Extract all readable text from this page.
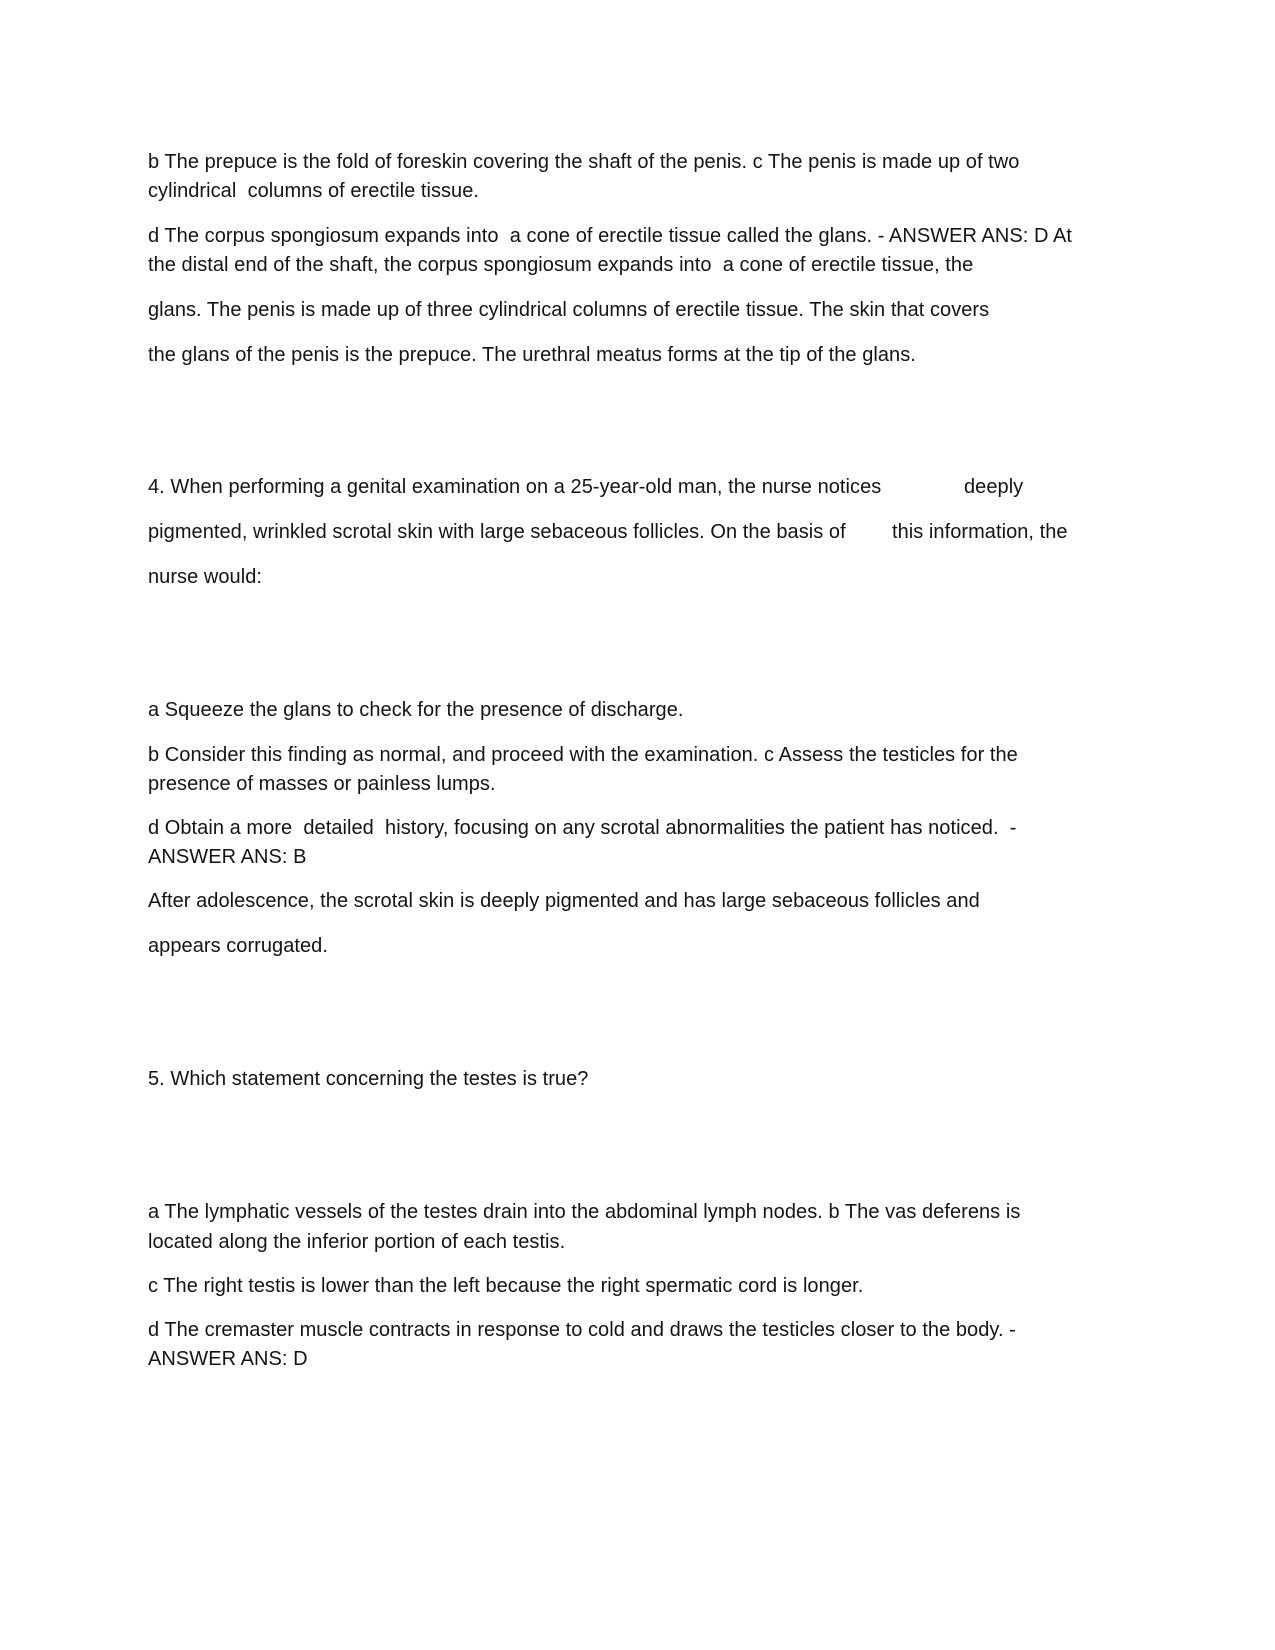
b The prepuce is the fold of foreskin covering the shaft of the penis. c The penis is made up of two
cylindrical  columns of erectile tissue.
d The corpus spongiosum expands into  a cone of erectile tissue called the glans. - ANSWER ANS: D At
the distal end of the shaft, the corpus spongiosum expands into  a cone of erectile tissue, the
glans. The penis is made up of three cylindrical columns of erectile tissue. The skin that covers
the glans of the penis is the prepuce. The urethral meatus forms at the tip of the glans.
4. When performing a genital examination on a 25-year-old man, the nurse notices	deeply
pigmented, wrinkled scrotal skin with large sebaceous follicles. On the basis of this information, the
nurse would:
a Squeeze the glans to check for the presence of discharge.
b Consider this finding as normal, and proceed with the examination. c Assess the testicles for the
presence of masses or painless lumps.
d Obtain a more  detailed  history, focusing on any scrotal abnormalities the patient has noticed.  -
ANSWER ANS: B
After adolescence, the scrotal skin is deeply pigmented and has large sebaceous follicles and
appears corrugated.
5. Which statement concerning the testes is true?
a The lymphatic vessels of the testes drain into the abdominal lymph nodes. b The vas deferens is
located along the inferior portion of each testis.
c The right testis is lower than the left because the right spermatic cord is longer.
d The cremaster muscle contracts in response to cold and draws the testicles closer to the body. -
ANSWER ANS: D
